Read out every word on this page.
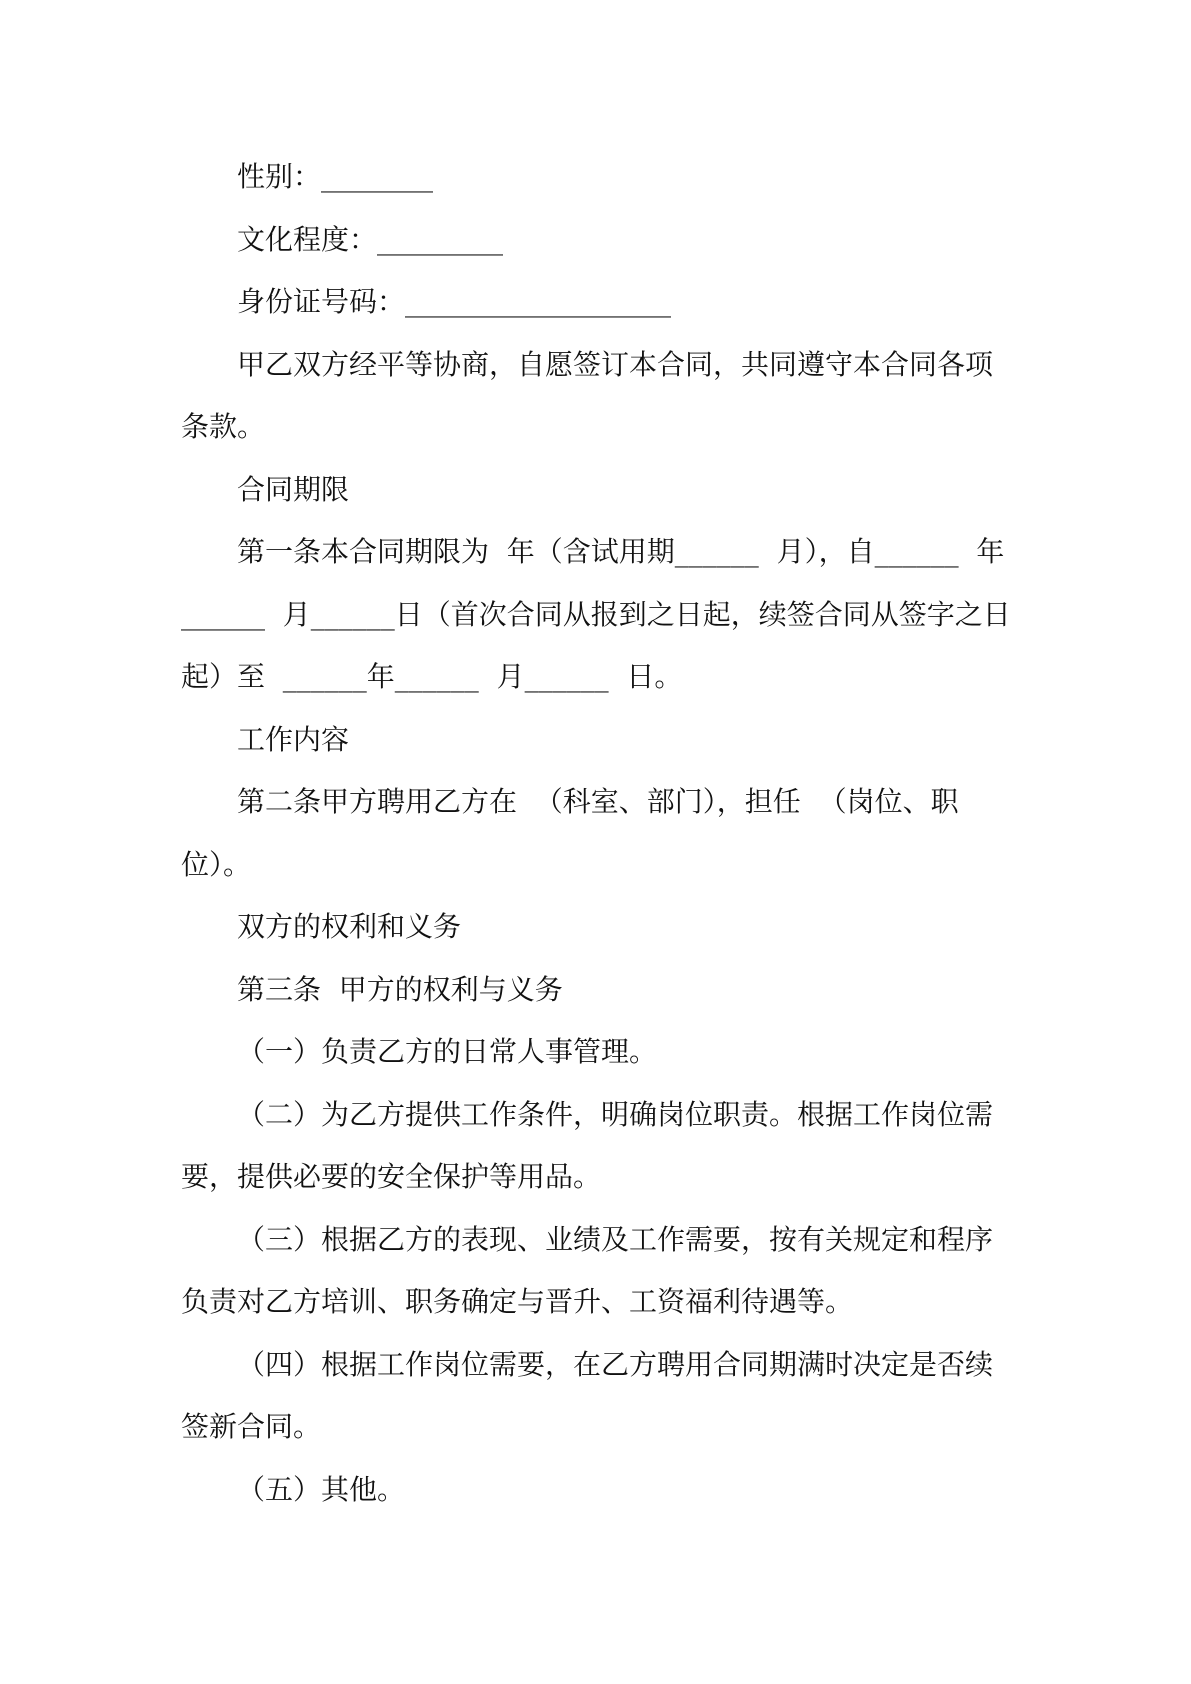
性别：________

文化程度：_________

身份证号码：___________________

甲乙双方经平等协商，自愿签订本合同，共同遵守本合同各项条款。

合同期限

第一条本合同期限为  年（含试用期______  月），自______  年______  月______日（首次合同从报到之日起，续签合同从签字之日起）至  ______年______  月______  日。

工作内容

第二条甲方聘用乙方在  （科室、部门），担任  （岗位、职位）。

双方的权利和义务

第三条  甲方的权利与义务

（一）负责乙方的日常人事管理。

（二）为乙方提供工作条件，明确岗位职责。根据工作岗位需要，提供必要的安全保护等用品。

（三）根据乙方的表现、业绩及工作需要，按有关规定和程序负责对乙方培训、职务确定与晋升、工资福利待遇等。

（四）根据工作岗位需要，在乙方聘用合同期满时决定是否续签新合同。

（五）其他。
